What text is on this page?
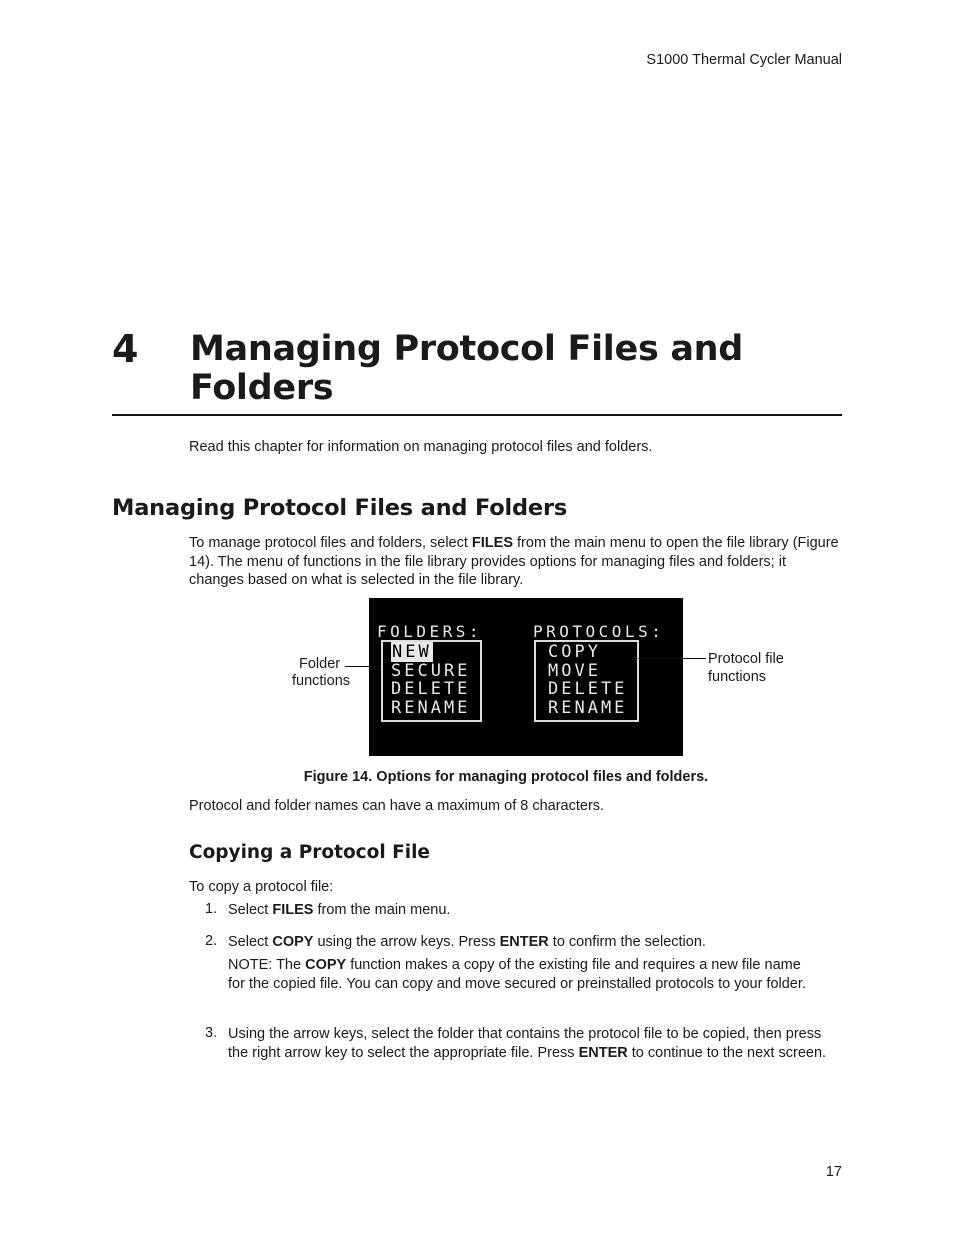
S1000 Thermal Cycler Manual
4 Managing Protocol Files and Folders
Read this chapter for information on managing protocol files and folders.
Managing Protocol Files and Folders
To manage protocol files and folders, select FILES from the main menu to open the file library (Figure 14). The menu of functions in the file library provides options for managing files and folders; it changes based on what is selected in the file library.
FOLDERS:	PROTOCOLS:
NEW
SECURE
DELETE
RENAME
COPY
MOVE
DELETE
RENAME
Folder
functions
Protocol file
functions
Figure 14. Options for managing protocol files and folders.
Protocol and folder names can have a maximum of 8 characters.
Copying a Protocol File
To copy a protocol file:
1. Select FILES from the main menu.
2. Select COPY using the arrow keys. Press ENTER to confirm the selection.
NOTE: The COPY function makes a copy of the existing file and requires a new file name for the copied file. You can copy and move secured or preinstalled protocols to your folder.
3. Using the arrow keys, select the folder that contains the protocol file to be copied, then press the right arrow key to select the appropriate file. Press ENTER to continue to the next screen.
17
